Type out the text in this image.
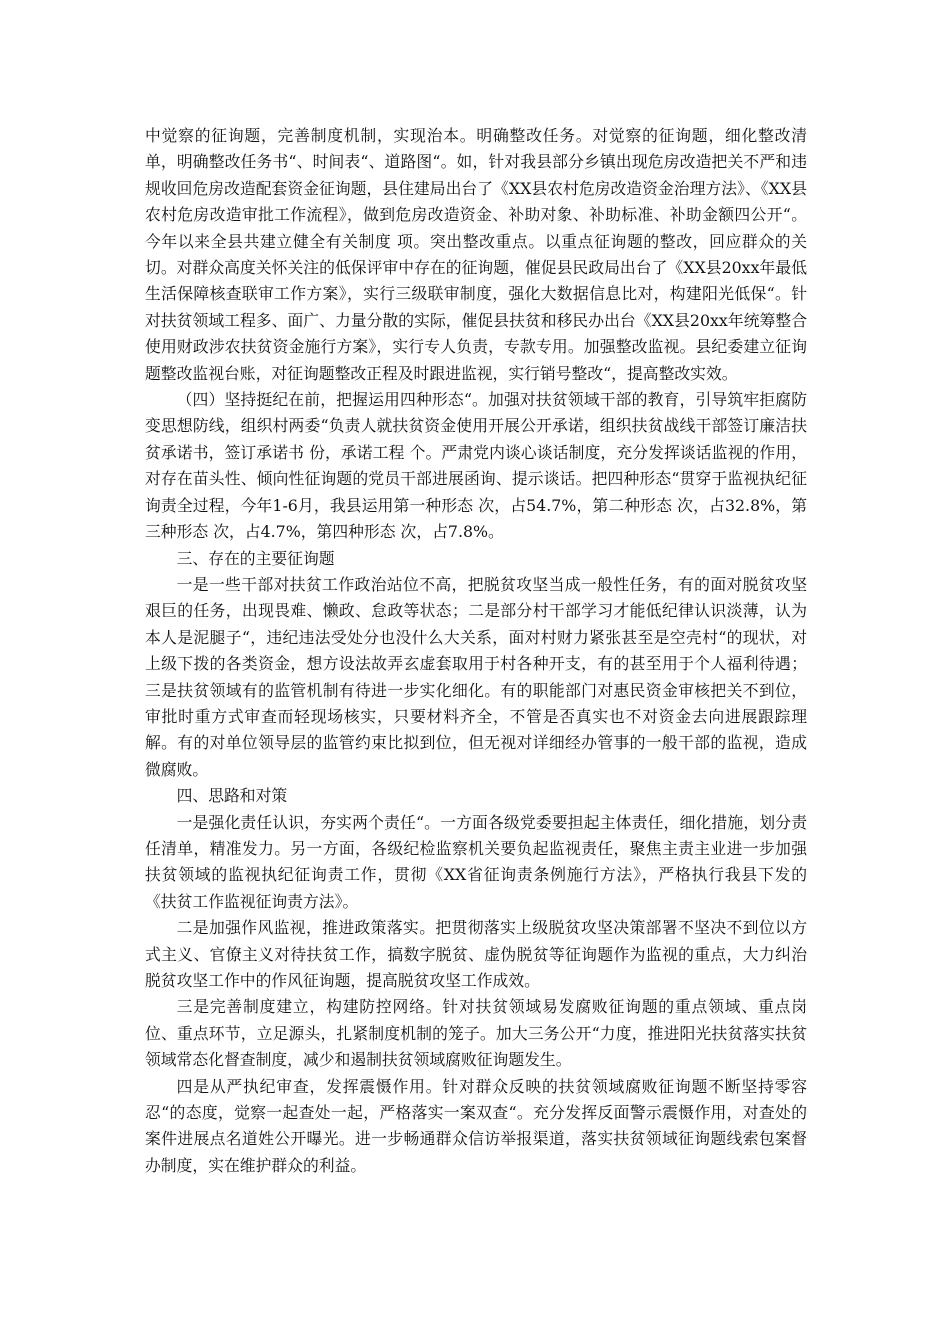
中觉察的征询题，完善制度机制，实现治本。明确整改任务。对觉察的征询题，细化整改清单，明确整改任务书“、时间表“、道路图“。如，针对我县部分乡镇出现危房改造把关不严和违规收回危房改造配套资金征询题，县住建局出台了《XX县农村危房改造资金治理方法》、《XX县农村危房改造审批工作流程》，做到危房改造资金、补助对象、补助标准、补助金额四公开“。今年以来全县共建立健全有关制度 项。突出整改重点。以重点征询题的整改，回应群众的关切。对群众高度关怀关注的低保评审中存在的征询题，催促县民政局出台了《XX县20xx年最低生活保障核查联审工作方案》，实行三级联审制度，强化大数据信息比对，构建阳光低保“。针对扶贫领域工程多、面广、力量分散的实际，催促县扶贫和移民办出台《XX县20xx年统筹整合使用财政涉农扶贫资金施行方案》，实行专人负责，专款专用。加强整改监视。县纪委建立征询题整改监视台账，对征询题整改正程及时跟进监视，实行销号整改“，提高整改实效。

（四）坚持挺纪在前，把握运用四种形态“。加强对扶贫领域干部的教育，引导筑牢拒腐防变思想防线，组织村两委“负责人就扶贫资金使用开展公开承诺，组织扶贫战线干部签订廉洁扶贫承诺书，签订承诺书 份，承诺工程 个。严肃党内谈心谈话制度，充分发挥谈话监视的作用，对存在苗头性、倾向性征询题的党员干部进展函询、提示谈话。把四种形态“贯穿于监视执纪征询责全过程，今年1-6月，我县运用第一种形态 次，占54.7%，第二种形态 次，占32.8%，第三种形态 次，占4.7%，第四种形态 次，占7.8%。

三、存在的主要征询题

一是一些干部对扶贫工作政治站位不高，把脱贫攻坚当成一般性任务，有的面对脱贫攻坚艰巨的任务，出现畏难、懒政、怠政等状态；二是部分村干部学习才能低纪律认识淡薄，认为本人是泥腿子“，违纪违法受处分也没什么大关系，面对村财力紧张甚至是空壳村“的现状，对上级下拨的各类资金，想方设法故弄玄虚套取用于村各种开支，有的甚至用于个人福利待遇；三是扶贫领域有的监管机制有待进一步实化细化。有的职能部门对惠民资金审核把关不到位，审批时重方式审查而轻现场核实，只要材料齐全，不管是否真实也不对资金去向进展跟踪理解。有的对单位领导层的监管约束比拟到位，但无视对详细经办管事的一般干部的监视，造成微腐败。

四、思路和对策

一是强化责任认识，夯实两个责任“。一方面各级党委要担起主体责任，细化措施，划分责任清单，精准发力。另一方面，各级纪检监察机关要负起监视责任，聚焦主责主业进一步加强扶贫领域的监视执纪征询责工作，贯彻《XX省征询责条例施行方法》，严格执行我县下发的《扶贫工作监视征询责方法》。

二是加强作风监视，推进政策落实。把贯彻落实上级脱贫攻坚决策部署不坚决不到位以方式主义、官僚主义对待扶贫工作，搞数字脱贫、虚伪脱贫等征询题作为监视的重点，大力纠治脱贫攻坚工作中的作风征询题，提高脱贫攻坚工作成效。

三是完善制度建立，构建防控网络。针对扶贫领域易发腐败征询题的重点领域、重点岗位、重点环节，立足源头，扎紧制度机制的笼子。加大三务公开“力度，推进阳光扶贫落实扶贫领域常态化督查制度，减少和遏制扶贫领域腐败征询题发生。

四是从严执纪审查，发挥震慑作用。针对群众反映的扶贫领域腐败征询题不断坚持零容忍“的态度，觉察一起查处一起，严格落实一案双查“。充分发挥反面警示震慑作用，对查处的案件进展点名道姓公开曝光。进一步畅通群众信访举报渠道，落实扶贫领域征询题线索包案督办制度，实在维护群众的利益。
